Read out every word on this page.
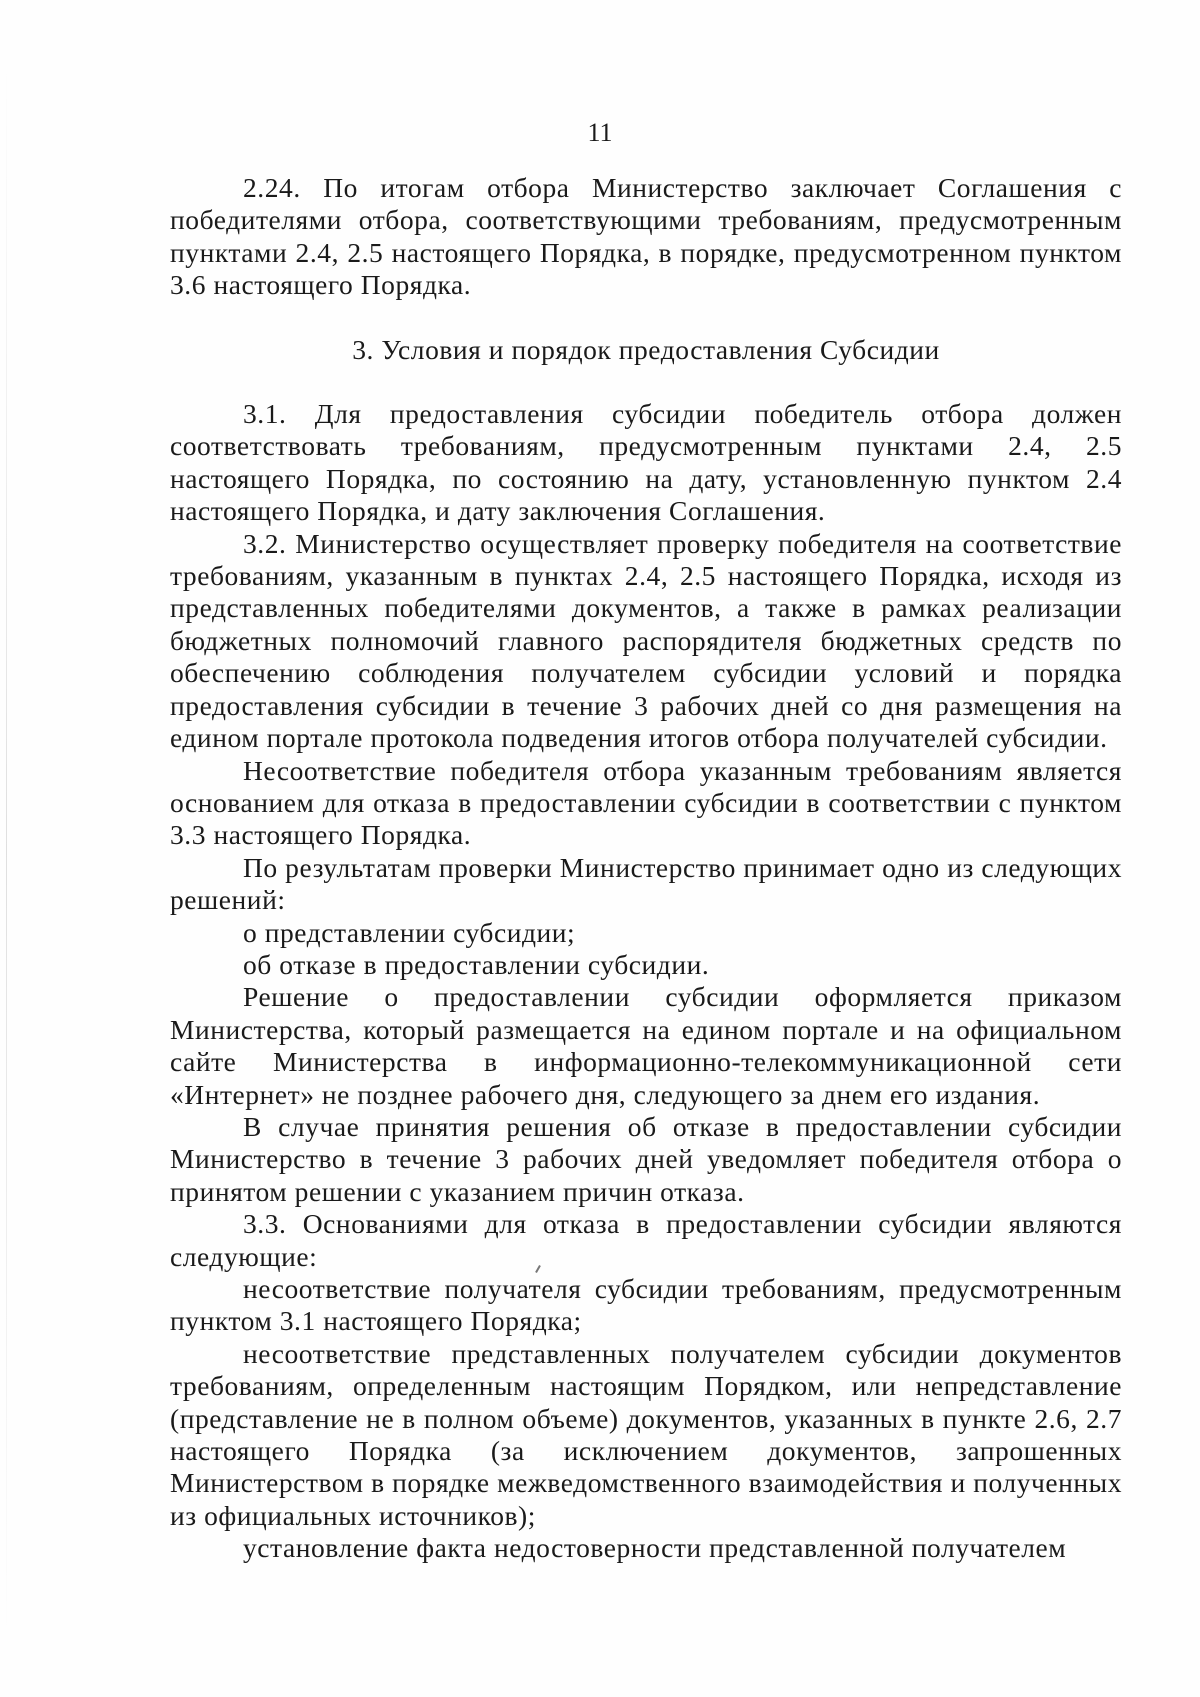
11

2.24. По итогам отбора Министерство заключает Соглашения с победителями отбора, соответствующими требованиям, предусмотренным пунктами 2.4, 2.5 настоящего Порядка, в порядке, предусмотренном пунктом 3.6 настоящего Порядка.

3. Условия и порядок предоставления Субсидии

3.1. Для предоставления субсидии победитель отбора должен соответствовать требованиям, предусмотренным пунктами 2.4, 2.5 настоящего Порядка, по состоянию на дату, установленную пунктом 2.4 настоящего Порядка, и дату заключения Соглашения.

3.2. Министерство осуществляет проверку победителя на соответствие требованиям, указанным в пунктах 2.4, 2.5 настоящего Порядка, исходя из представленных победителями документов, а также в рамках реализации бюджетных полномочий главного распорядителя бюджетных средств по обеспечению соблюдения получателем субсидии условий и порядка предоставления субсидии в течение 3 рабочих дней со дня размещения на едином портале протокола подведения итогов отбора получателей субсидии.

Несоответствие победителя отбора указанным требованиям является основанием для отказа в предоставлении субсидии в соответствии с пунктом 3.3 настоящего Порядка.

По результатам проверки Министерство принимает одно из следующих решений:

о представлении субсидии;

об отказе в предоставлении субсидии.

Решение о предоставлении субсидии оформляется приказом Министерства, который размещается на едином портале и на официальном сайте Министерства в информационно-телекоммуникационной сети «Интернет» не позднее рабочего дня, следующего за днем его издания.

В случае принятия решения об отказе в предоставлении субсидии Министерство в течение 3 рабочих дней уведомляет победителя отбора о принятом решении с указанием причин отказа.

3.3. Основаниями для отказа в предоставлении субсидии являются следующие:

несоответствие получателя субсидии требованиям, предусмотренным пунктом 3.1 настоящего Порядка;

несоответствие представленных получателем субсидии документов требованиям, определенным настоящим Порядком, или непредставление (представление не в полном объеме) документов, указанных в пункте 2.6, 2.7 настоящего Порядка (за исключением документов, запрошенных Министерством в порядке межведомственного взаимодействия и полученных из официальных источников);

установление факта недостоверности представленной получателем
